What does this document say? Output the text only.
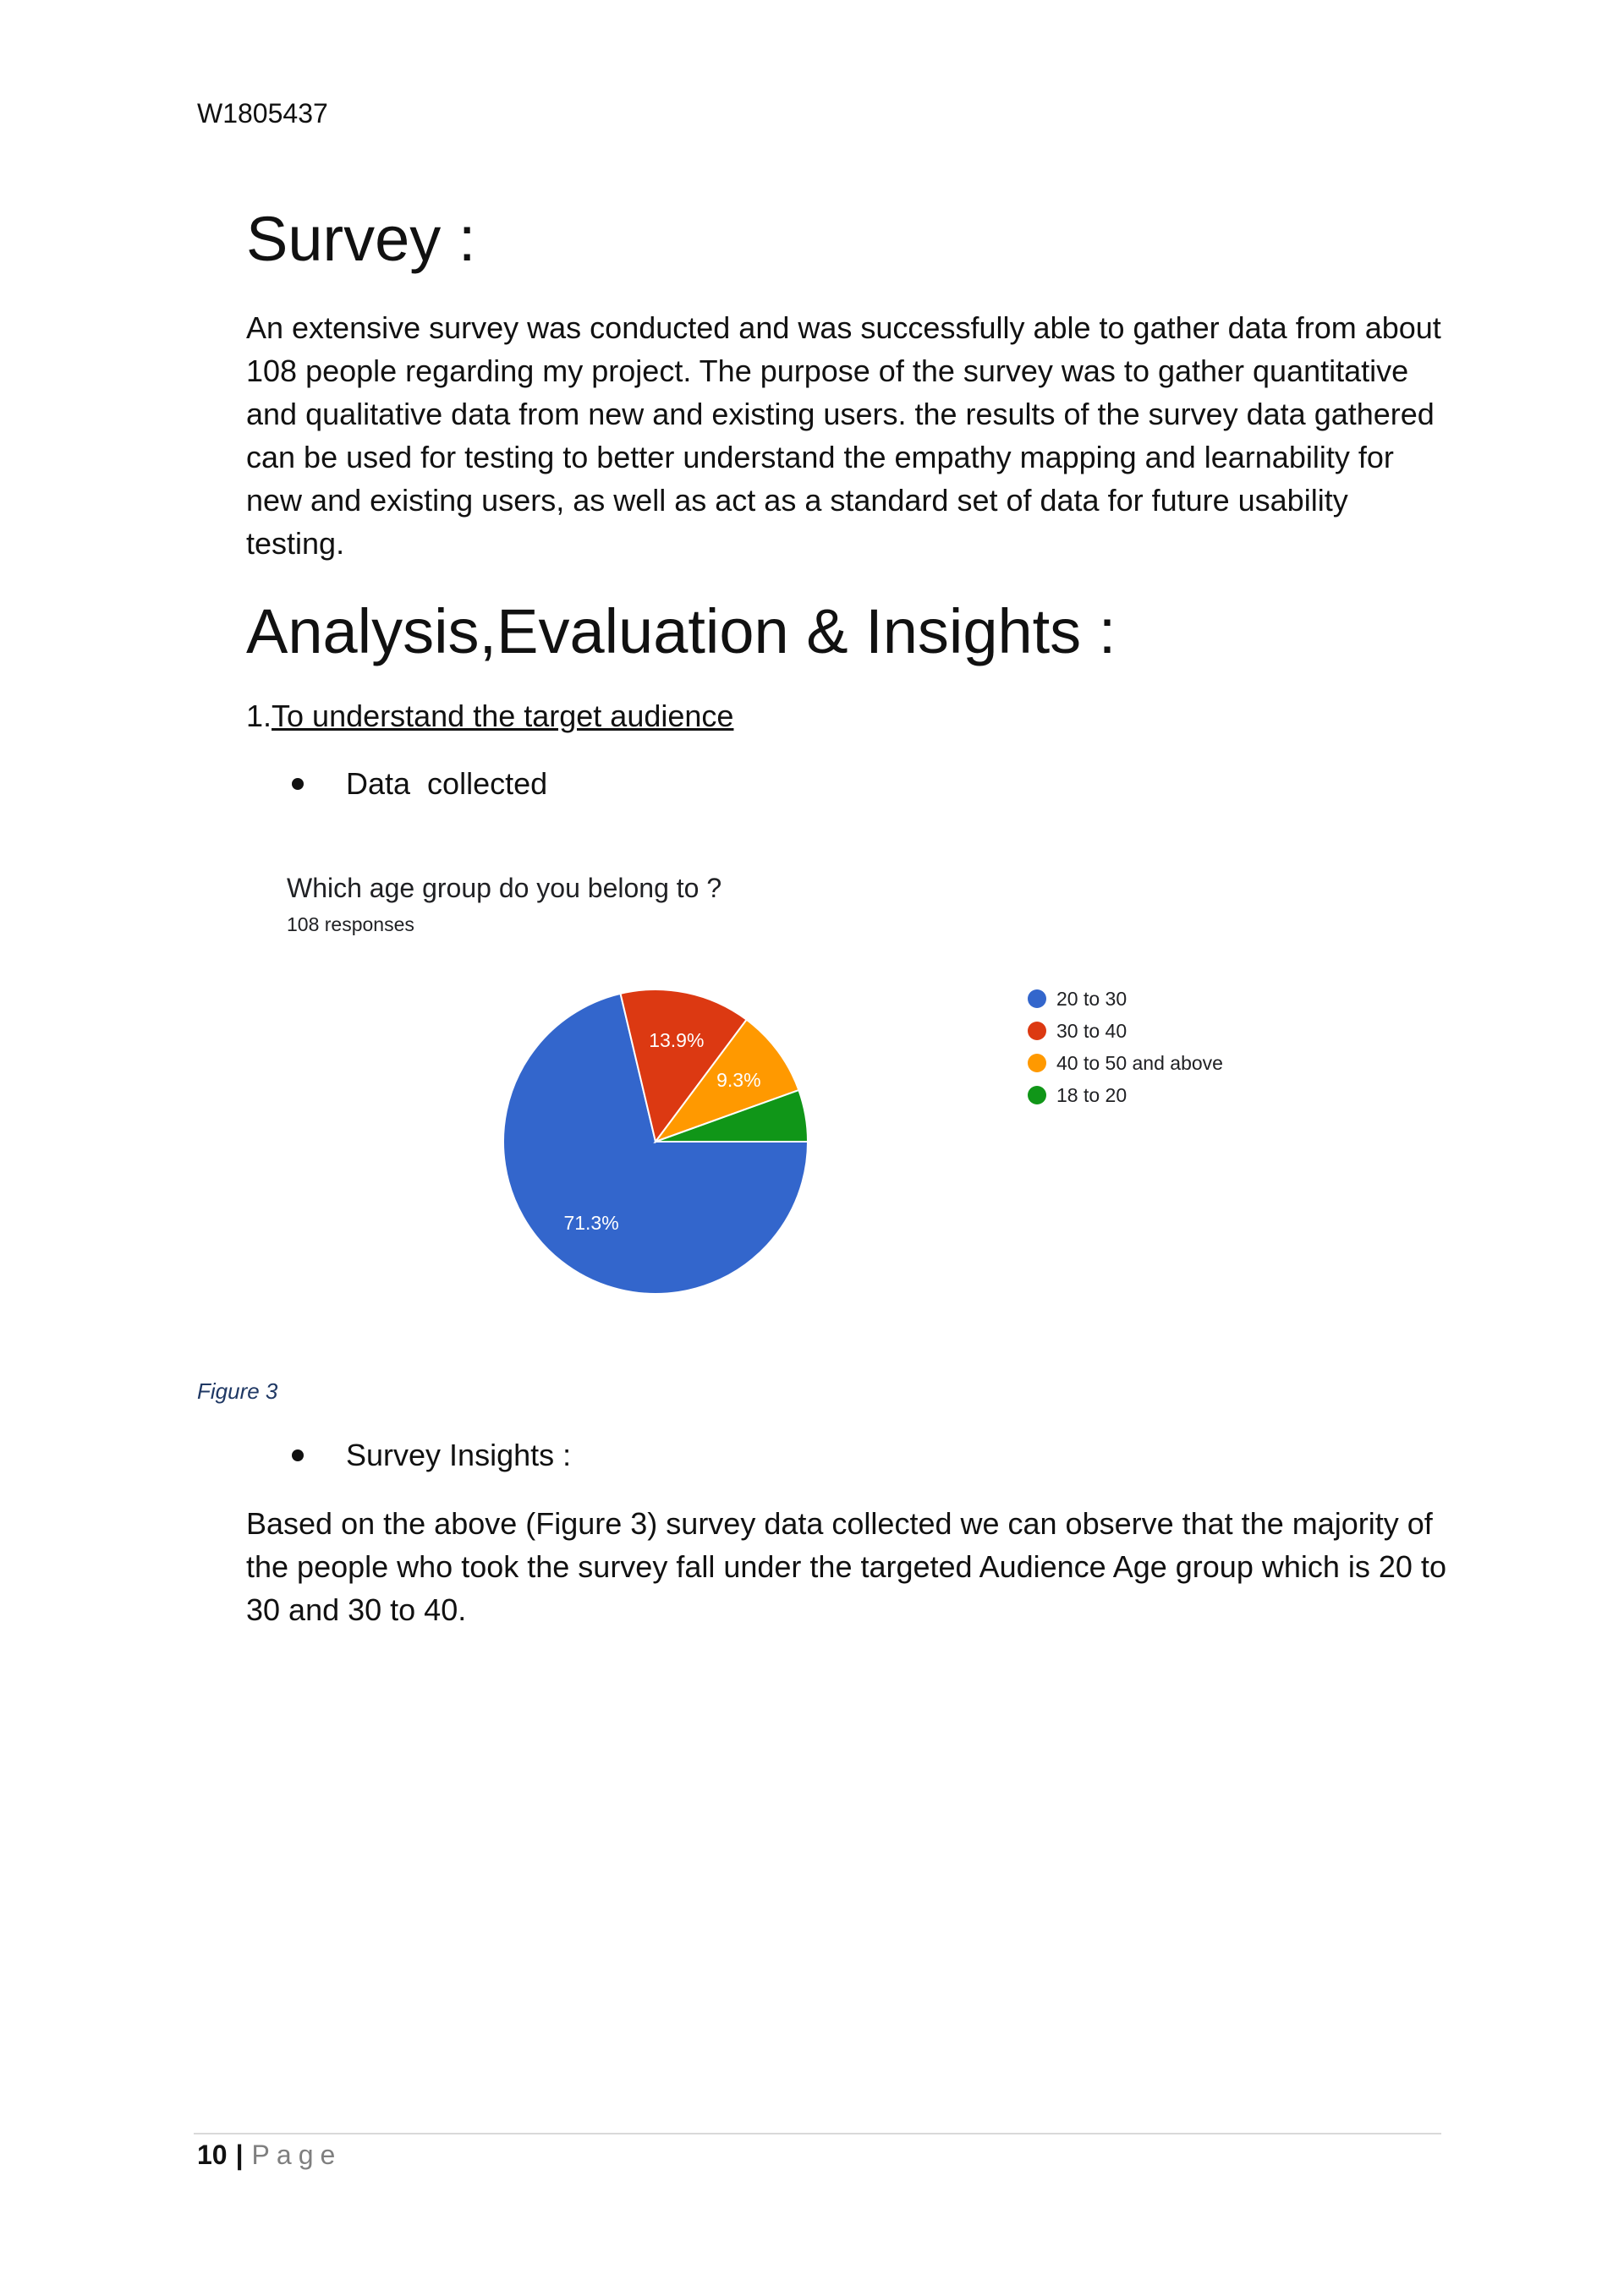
W1805437
Survey :
An extensive survey was conducted and was successfully able to gather data from about 108 people regarding my project. The purpose of the survey was to gather quantitative and qualitative data from new and existing users. the results of the survey data gathered can be used for testing to better understand the empathy mapping and learnability for new and existing users, as well as act as a standard set of data for future usability testing.
Analysis,Evaluation & Insights :
1.To understand the target audience
Data  collected
Which age group do you belong to ?
108 responses
71.3%
13.9%
9.3%
20 to 30
30 to 40
40 to 50 and above
18 to 20
Figure 3
Survey Insights :
Based on the above (Figure 3) survey data collected we can observe that the majority of the people who took the survey fall under the targeted Audience Age group which is 20 to 30 and 30 to 40.
10 | Page
